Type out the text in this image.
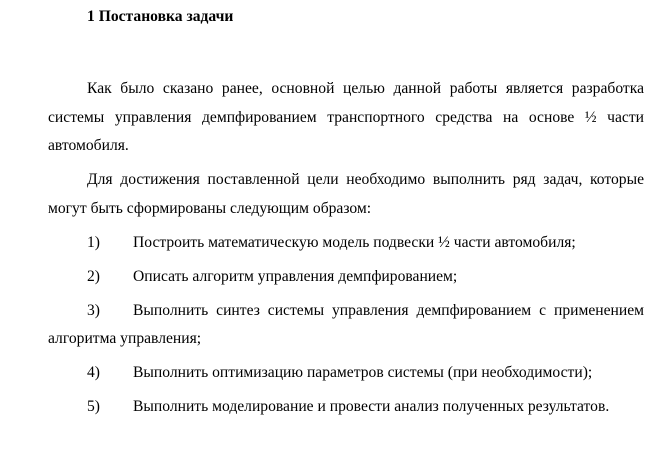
1 Постановка задачи

Как было сказано ранее, основной целью данной работы является разработка системы управления демпфированием транспортного средства на основе ½ части автомобиля.

Для достижения поставленной цели необходимо выполнить ряд задач, которые могут быть сформированы следующим образом:

1) Построить математическую модель подвески ½ части автомобиля;

2) Описать алгоритм управления демпфированием;

3) Выполнить синтез системы управления демпфированием с применением алгоритма управления;

4) Выполнить оптимизацию параметров системы (при необходимости);

5) Выполнить моделирование и провести анализ полученных результатов.
